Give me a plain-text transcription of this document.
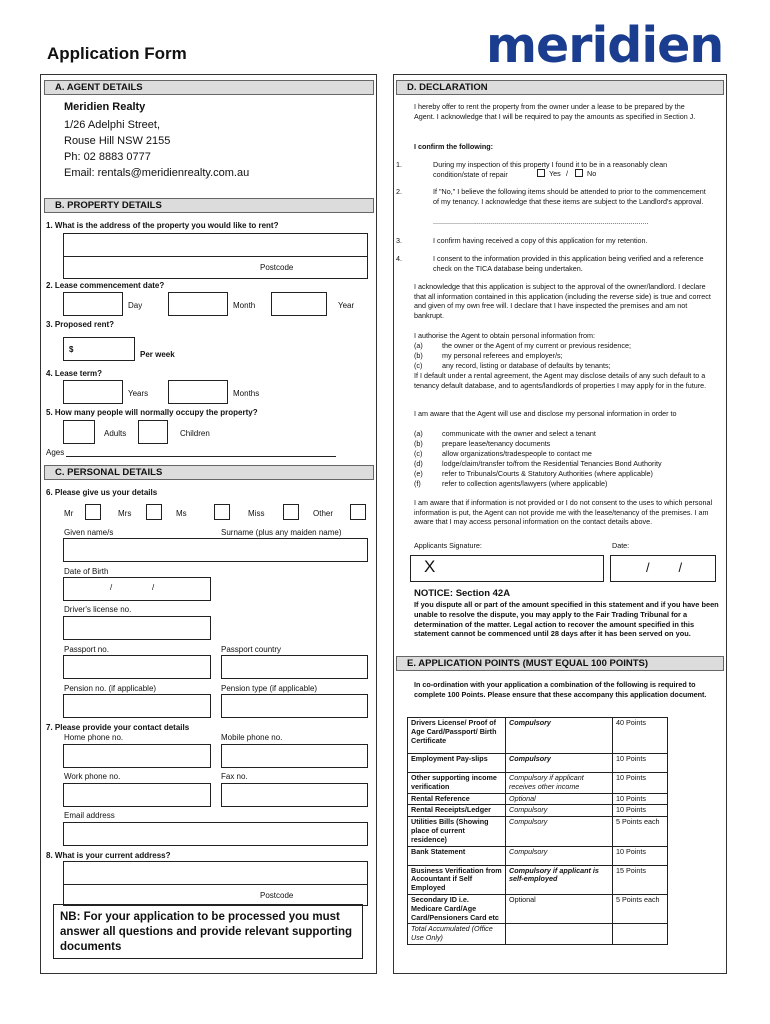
Application Form	meridien
A. AGENT DETAILS
Meridien Realty
1/26 Adelphi Street,
Rouse Hill NSW 2155
Ph: 02 8883 0777
Email: rentals@meridienrealty.com.au
B. PROPERTY DETAILS
1. What is the address of the property you would like to rent?
Postcode
2. Lease commencement date?
Day	Month	Year
3. Proposed rent?
$
Per week
4. Lease term?
Years	Months
5. How many people will normally occupy the property?
Adults	Children
Ages
C. PERSONAL DETAILS
6. Please give us your details
Mr	Mrs	Ms	Miss	Other
Given name/s	Surname (plus any maiden name)
Date of Birth
/	/
Driver's license no.
Passport no.	Passport country
Pension no. (if applicable)	Pension type (if applicable)
7. Please provide your contact details
Home phone no.	Mobile phone no.
Work phone no.	Fax no.
Email address
8. What is your current address?
Postcode
NB: For your application to be processed you must answer all questions and provide relevant supporting documents
D. DECLARATION
I hereby offer to rent the property from the owner under a lease to be prepared by the Agent. I acknowledge that I will be required to pay the amounts as specified in Section J.
I confirm the following:
1.	During my inspection of this property I found it to be in a reasonably clean condition/state of repair	Yes /	No
2.	If "No," I believe the following items should be attended to prior to the commencement of my tenancy. I acknowledge that these items are subject to the Landlord's approval.
............................................................................................................
3.	I confirm having received a copy of this application for my retention.
4.	I consent to the information provided in this application being verified and a reference check on the TICA database being undertaken.
I acknowledge that this application is subject to the approval of the owner/landlord. I declare that all information contained in this application (including the reverse side) is true and correct and given of my own free will. I declare that I have inspected the premises and am not bankrupt.
I authorise the Agent to obtain personal information from:
(a)	the owner or the Agent of my current or previous residence;
(b)	my personal referees and employer/s;
(c)	any record, listing or database of defaults by tenants;
If I default under a rental agreement, the Agent may disclose details of any such default to a tenancy default database, and to agents/landlords of properties I may apply for in the future.
I am aware that the Agent will use and disclose my personal information in order to
(a)	communicate with the owner and select a tenant
(b)	prepare lease/tenancy documents
(c)	allow organizations/tradespeople to contact me
(d)	lodge/claim/transfer to/from the Residential Tenancies Bond Authority
(e)	refer to Tribunals/Courts & Statutory Authorities (where applicable)
(f)	refer to collection agents/lawyers (where applicable)
I am aware that if information is not provided or I do not consent to the uses to which personal information is put, the Agent can not provide me with the lease/tenancy of the premises. I am aware that I may access personal information on the contact details above.
Applicants Signature:	Date:
X	/        /
NOTICE: Section 42A
If you dispute all or part of the amount specified in this statement and if you have been unable to resolve the dispute, you may apply to the Fair Trading Tribunal for a determination of the matter. Legal action to recover the amount specified in this statement cannot be commenced until 28 days after it has been served on you.
E. APPLICATION POINTS (MUST EQUAL 100 POINTS)
In co-ordination with your application a combination of the following is required to complete 100 Points. Please ensure that these accompany this application document.
Drivers License/ Proof of Age Card/Passport/ Birth Certificate	Compulsory	40 Points
Employment Pay-slips	Compulsory	10 Points
Other supporting income verification	Compulsory if applicant receives other income	10 Points
Rental Reference	Optional	10 Points
Rental Receipts/Ledger	Compulsory	10 Points
Utilities Bills (Showing place of current residence)	Compulsory	5 Points each
Bank Statement	Compulsory	10 Points
Business Verification from Accountant if Self Employed	Compulsory if applicant is self-employed	15 Points
Secondary ID i.e. Medicare Card/Age Card/Pensioners Card etc	Optional	5 Points each
Total Accumulated (Office Use Only)		
